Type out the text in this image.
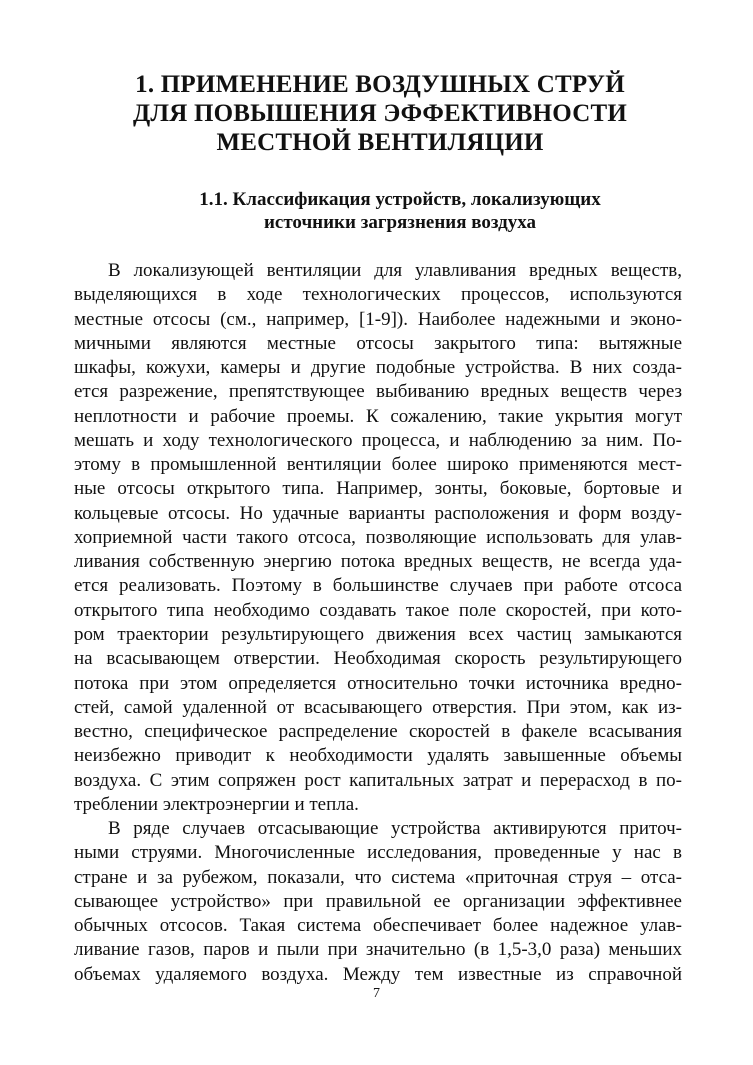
1. ПРИМЕНЕНИЕ ВОЗДУШНЫХ СТРУЙ
ДЛЯ ПОВЫШЕНИЯ ЭФФЕКТИВНОСТИ
МЕСТНОЙ ВЕНТИЛЯЦИИ
1.1. Классификация устройств, локализующих
источники загрязнения воздуха
В локализующей вентиляции для улавливания вредных веществ,
выделяющихся в ходе технологических процессов, используются
местные отсосы (см., например, [1-9]). Наиболее надежными и эконо-
мичными являются местные отсосы закрытого типа: вытяжные
шкафы, кожухи, камеры и другие подобные устройства. В них созда-
ется разрежение, препятствующее выбиванию вредных веществ через
неплотности и рабочие проемы. К сожалению, такие укрытия могут
мешать и ходу технологического процесса, и наблюдению за ним. По-
этому в промышленной вентиляции более широко применяются мест-
ные отсосы открытого типа. Например, зонты, боковые, бортовые и
кольцевые отсосы. Но удачные варианты расположения и форм возду-
хоприемной части такого отсоса, позволяющие использовать для улав-
ливания собственную энергию потока вредных веществ, не всегда уда-
ется реализовать. Поэтому в большинстве случаев при работе отсоса
открытого типа необходимо создавать такое поле скоростей, при кото-
ром траектории результирующего движения всех частиц замыкаются
на всасывающем отверстии. Необходимая скорость результирующего
потока при этом определяется относительно точки источника вредно-
стей, самой удаленной от всасывающего отверстия. При этом, как из-
вестно, специфическое распределение скоростей в факеле всасывания
неизбежно приводит к необходимости удалять завышенные объемы
воздуха. С этим сопряжен рост капитальных затрат и перерасход в по-
треблении электроэнергии и тепла.
В ряде случаев отсасывающие устройства активируются приточ-
ными струями. Многочисленные исследования, проведенные у нас в
стране и за рубежом, показали, что система «приточная струя – отса-
сывающее устройство» при правильной ее организации эффективнее
обычных отсосов. Такая система обеспечивает более надежное улав-
ливание газов, паров и пыли при значительно (в 1,5-3,0 раза) меньших
объемах удаляемого воздуха. Между тем известные из справочной
7
